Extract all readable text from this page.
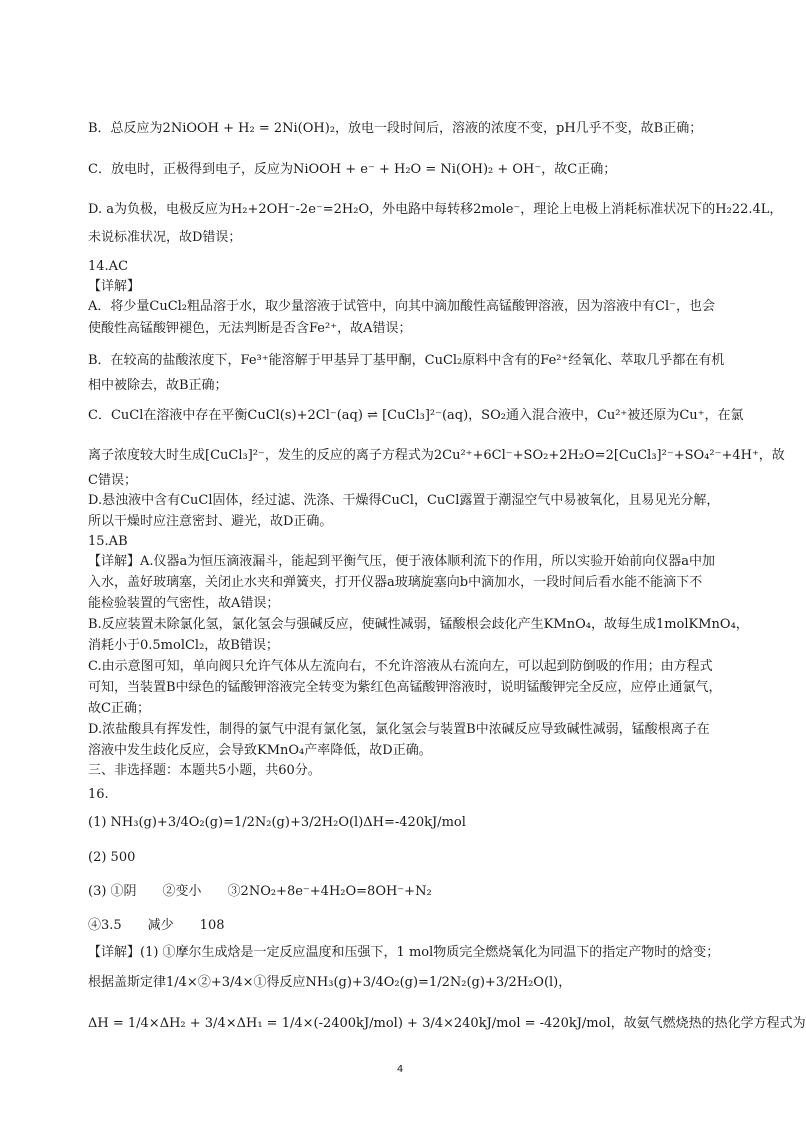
B．总反应为2NiOOH + H₂ = 2Ni(OH)₂，放电一段时间后，溶液的浓度不变，pH几乎不变，故B正确；
C．放电时，正极得到电子，反应为NiOOH + e⁻ + H₂O = Ni(OH)₂ + OH⁻，故C正确；
D. a为负极，电极反应为H₂+2OH⁻-2e⁻=2H₂O，外电路中每转移2mole⁻，理论上电极上消耗标准状况下的H₂22.4L，
未说标准状况，故D错误；
14.AC
【详解】
A．将少量CuCl₂粗品溶于水，取少量溶液于试管中，向其中滴加酸性高锰酸钾溶液，因为溶液中有Cl⁻，也会
使酸性高锰酸钾褪色，无法判断是否含Fe²⁺，故A错误；
B．在较高的盐酸浓度下，Fe³⁺能溶解于甲基异丁基甲酮，CuCl₂原料中含有的Fe²⁺经氧化、萃取几乎都在有机
相中被除去，故B正确；
C．CuCl在溶液中存在平衡CuCl(s)+2Cl⁻(aq) ⇌ [CuCl₃]²⁻(aq)，SO₂通入混合液中，Cu²⁺被还原为Cu⁺，在氯
离子浓度较大时生成[CuCl₃]²⁻，发生的反应的离子方程式为2Cu²⁺+6Cl⁻+SO₂+2H₂O=2[CuCl₃]²⁻+SO₄²⁻+4H⁺，故
C错误；
D.悬浊液中含有CuCl固体，经过滤、洗涤、干燥得CuCl，CuCl露置于潮湿空气中易被氧化，且易见光分解，
所以干燥时应注意密封、避光，故D正确。
15.AB
【详解】A.仪器a为恒压滴液漏斗，能起到平衡气压，便于液体顺利流下的作用，所以实验开始前向仪器a中加
入水，盖好玻璃塞，关闭止水夹和弹簧夹，打开仪器a玻璃旋塞向b中滴加水，一段时间后看水能不能滴下不
能检验装置的气密性，故A错误；
B.反应装置未除氯化氢，氯化氢会与强碱反应，使碱性减弱，锰酸根会歧化产生KMnO₄，故每生成1molKMnO₄，
消耗小于0.5molCl₂，故B错误；
C.由示意图可知，单向阀只允许气体从左流向右，不允许溶液从右流向左，可以起到防倒吸的作用；由方程式
可知，当装置B中绿色的锰酸钾溶液完全转变为紫红色高锰酸钾溶液时，说明锰酸钾完全反应，应停止通氯气，
故C正确；
D.浓盐酸具有挥发性，制得的氯气中混有氯化氢，氯化氢会与装置B中浓碱反应导致碱性减弱，锰酸根离子在
溶液中发生歧化反应，会导致KMnO₄产率降低，故D正确。
三、非选择题：本题共5小题，共60分。
16.
(1) NH₃(g)+3/4O₂(g)=1/2N₂(g)+3/2H₂O(l)ΔH=-420kJ/mol
(2) 500
(3) ①阴　　②变小　　③2NO₂+8e⁻+4H₂O=8OH⁻+N₂
④3.5　　减少　　108
【详解】(1) ①摩尔生成焓是一定反应温度和压强下，1 mol物质完全燃烧氧化为同温下的指定产物时的焓变；
根据盖斯定律1/4×②+3/4×①得反应NH₃(g)+3/4O₂(g)=1/2N₂(g)+3/2H₂O(l)，
ΔH = 1/4×ΔH₂ + 3/4×ΔH₁ = 1/4×(-2400kJ/mol) + 3/4×240kJ/mol = -420kJ/mol，故氨气燃烧热的热化学方程式为
4
